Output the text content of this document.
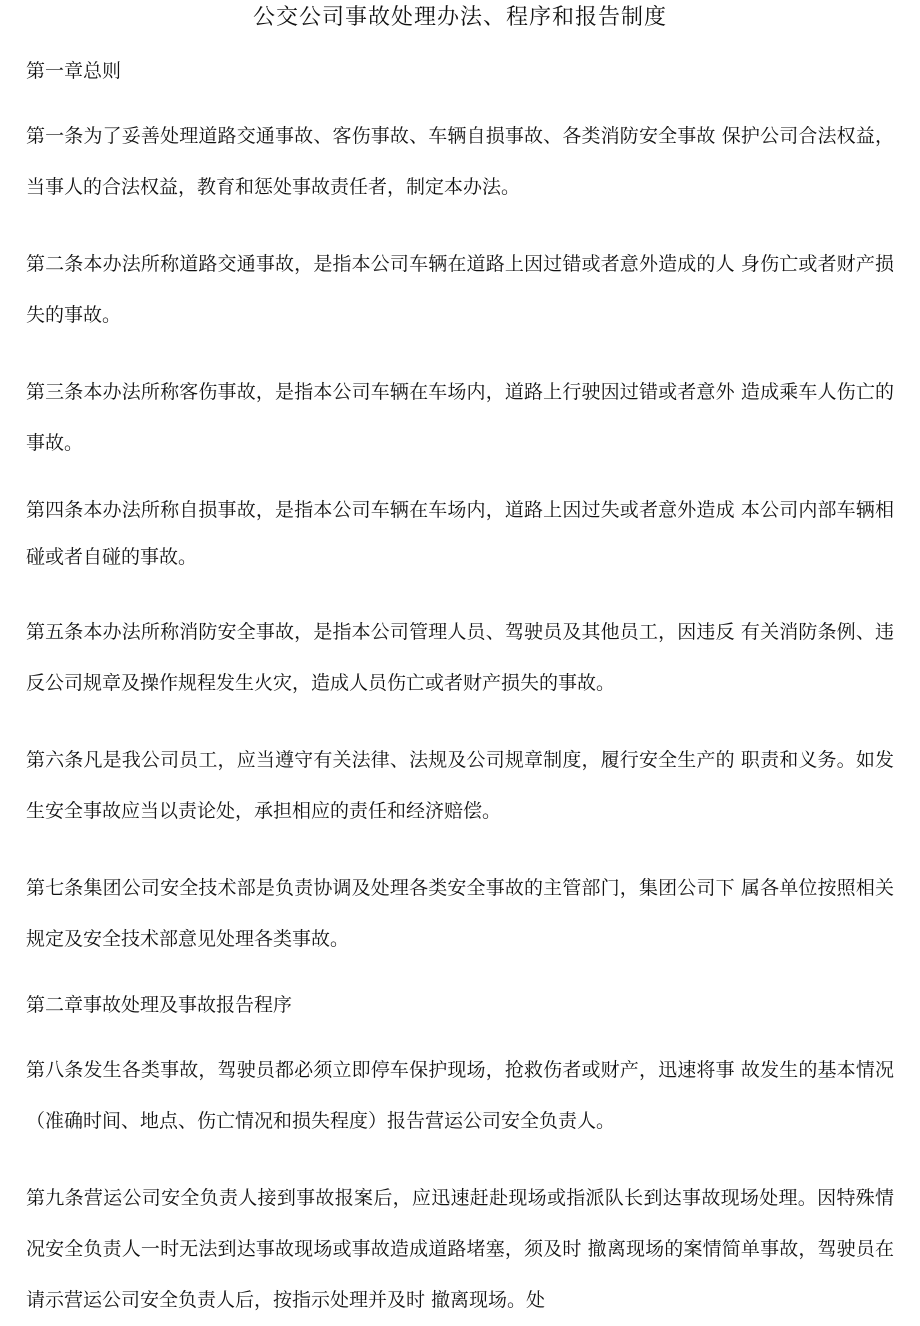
公交公司事故处理办法、程序和报告制度

第一章总则

第一条为了妥善处理道路交通事故、客伤事故、车辆自损事故、各类消防安全事故 保护公司合法权益，当事人的合法权益，教育和惩处事故责任者，制定本办法。

第二条本办法所称道路交通事故，是指本公司车辆在道路上因过错或者意外造成的人 身伤亡或者财产损失的事故。

第三条本办法所称客伤事故，是指本公司车辆在车场内，道路上行驶因过错或者意外 造成乘车人伤亡的事故。

第四条本办法所称自损事故，是指本公司车辆在车场内，道路上因过失或者意外造成 本公司内部车辆相碰或者自碰的事故。

第五条本办法所称消防安全事故，是指本公司管理人员、驾驶员及其他员工，因违反 有关消防条例、违反公司规章及操作规程发生火灾，造成人员伤亡或者财产损失的事故。

第六条凡是我公司员工，应当遵守有关法律、法规及公司规章制度，履行安全生产的 职责和义务。如发生安全事故应当以责论处，承担相应的责任和经济赔偿。

第七条集团公司安全技术部是负责协调及处理各类安全事故的主管部门，集团公司下 属各单位按照相关规定及安全技术部意见处理各类事故。

第二章事故处理及事故报告程序

第八条发生各类事故，驾驶员都必须立即停车保护现场，抢救伤者或财产，迅速将事 故发生的基本情况（准确时间、地点、伤亡情况和损失程度）报告营运公司安全负责人。

第九条营运公司安全负责人接到事故报案后，应迅速赶赴现场或指派队长到达事故现场处理。因特殊情况安全负责人一时无法到达事故现场或事故造成道路堵塞，须及时 撤离现场的案情简单事故，驾驶员在请示营运公司安全负责人后，按指示处理并及时 撤离现场。处
